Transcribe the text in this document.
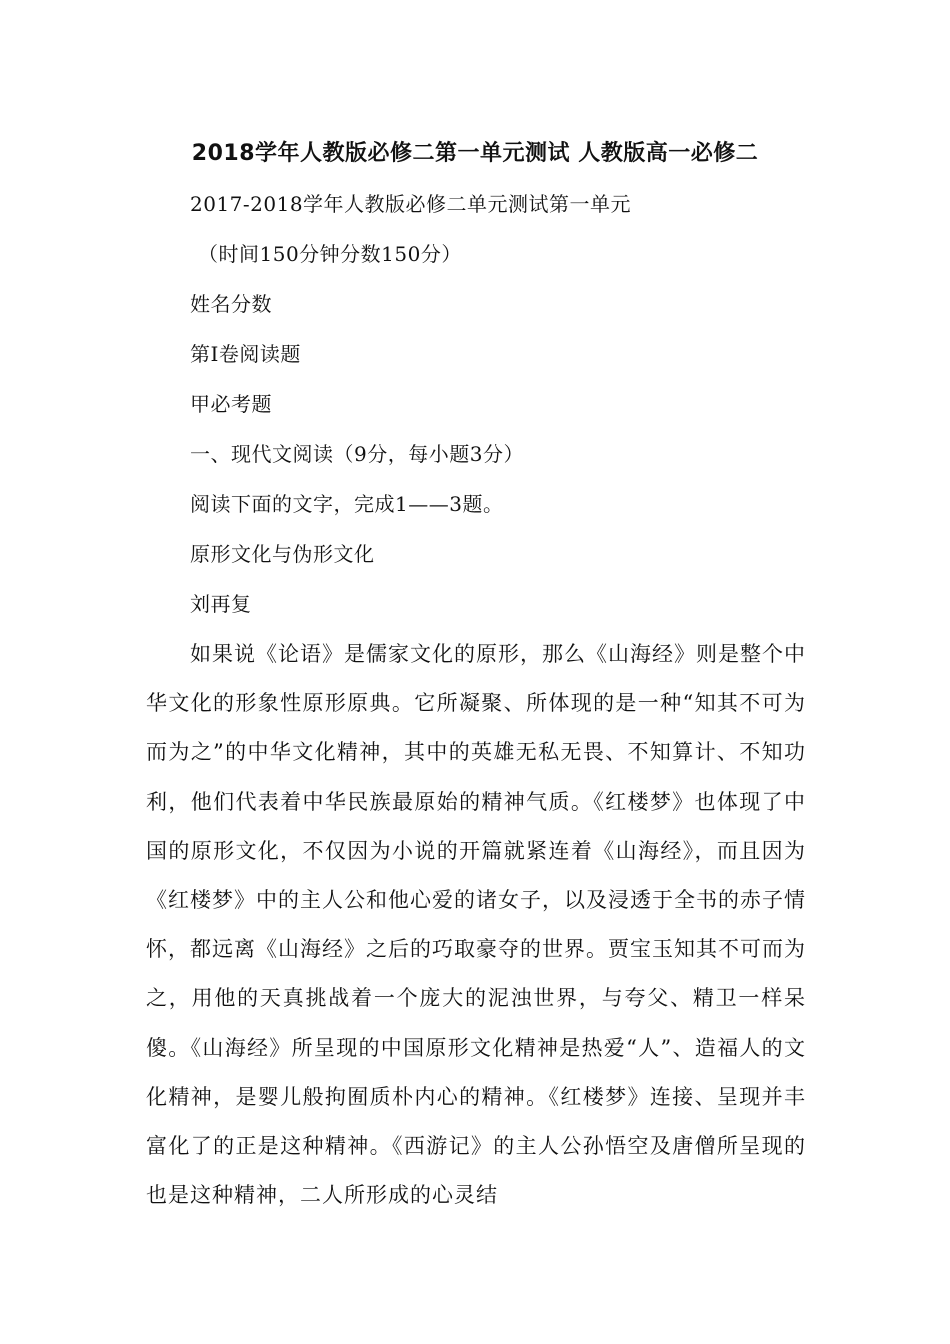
2018学年人教版必修二第一单元测试 人教版高一必修二
2017-2018学年人教版必修二单元测试第一单元
（时间150分钟分数150分）
姓名分数
第Ⅰ卷阅读题
甲必考题
一、现代文阅读（9分，每小题3分）
阅读下面的文字，完成1——3题。
原形文化与伪形文化
刘再复
如果说《论语》是儒家文化的原形，那么《山海经》则是整个中华文化的形象性原形原典。它所凝聚、所体现的是一种“知其不可为而为之”的中华文化精神，其中的英雄无私无畏、不知算计、不知功利，他们代表着中华民族最原始的精神气质。《红楼梦》也体现了中国的原形文化，不仅因为小说的开篇就紧连着《山海经》，而且因为《红楼梦》中的主人公和他心爱的诸女子，以及浸透于全书的赤子情怀，都远离《山海经》之后的巧取豪夺的世界。贾宝玉知其不可而为之，用他的天真挑战着一个庞大的泥浊世界，与夸父、精卫一样呆傻。《山海经》所呈现的中国原形文化精神是热爱“人”、造福人的文化精神，是婴儿般拘囿质朴内心的精神。《红楼梦》连接、呈现并丰富化了的正是这种精神。《西游记》的主人公孙悟空及唐僧所呈现的也是这种精神，二人所形成的心灵结
